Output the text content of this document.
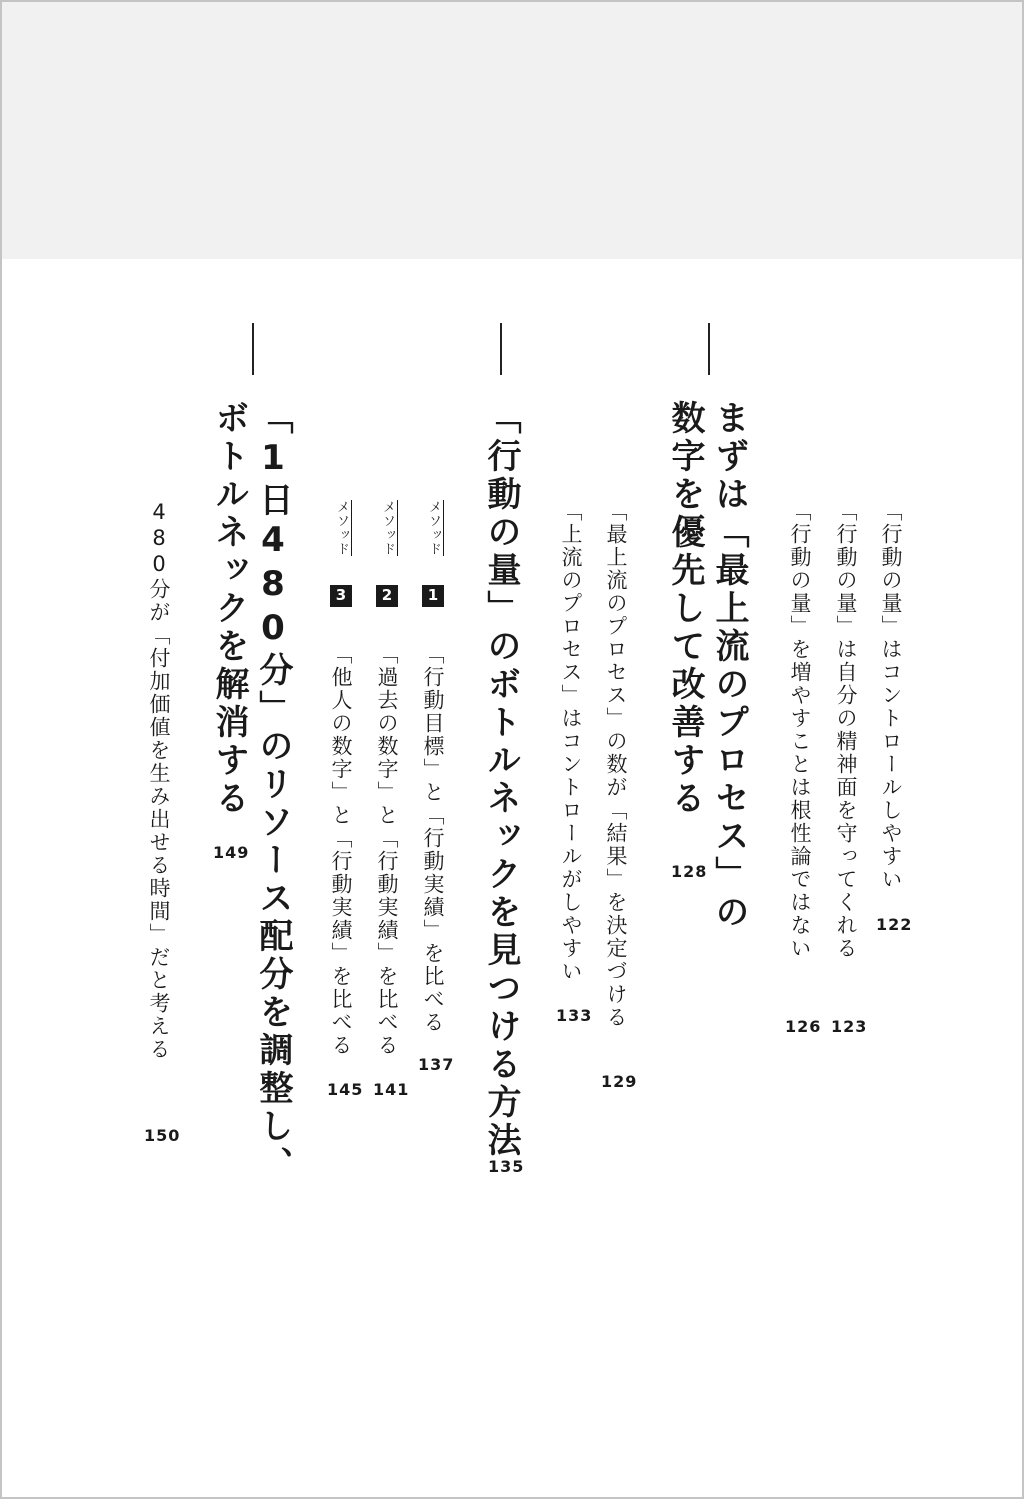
まずは「最上流のプロセス」の
数字を優先して改善する
128	「行動の量」はコントロールしやすい
122
「行動の量」は自分の精神面を守ってくれる
123
「行動の量」を増やすことは根性論ではない
126
「最上流のプロセス」の数が「結果」を決定づける
129
「上流のプロセス」はコントロールがしやすい
133
「行動の量」のボトルネックを見つける方法
135
メソッド 1 「行動目標」と「行動実績」を比べる
137
メソッド 2 「過去の数字」と「行動実績」を比べる
141
メソッド 3 「他人の数字」と「行動実績」を比べる
145
「1日480分」のリソース配分を調整し、
ボトルネックを解消する
149
480分が「付加価値を生み出せる時間」だと考える
150
